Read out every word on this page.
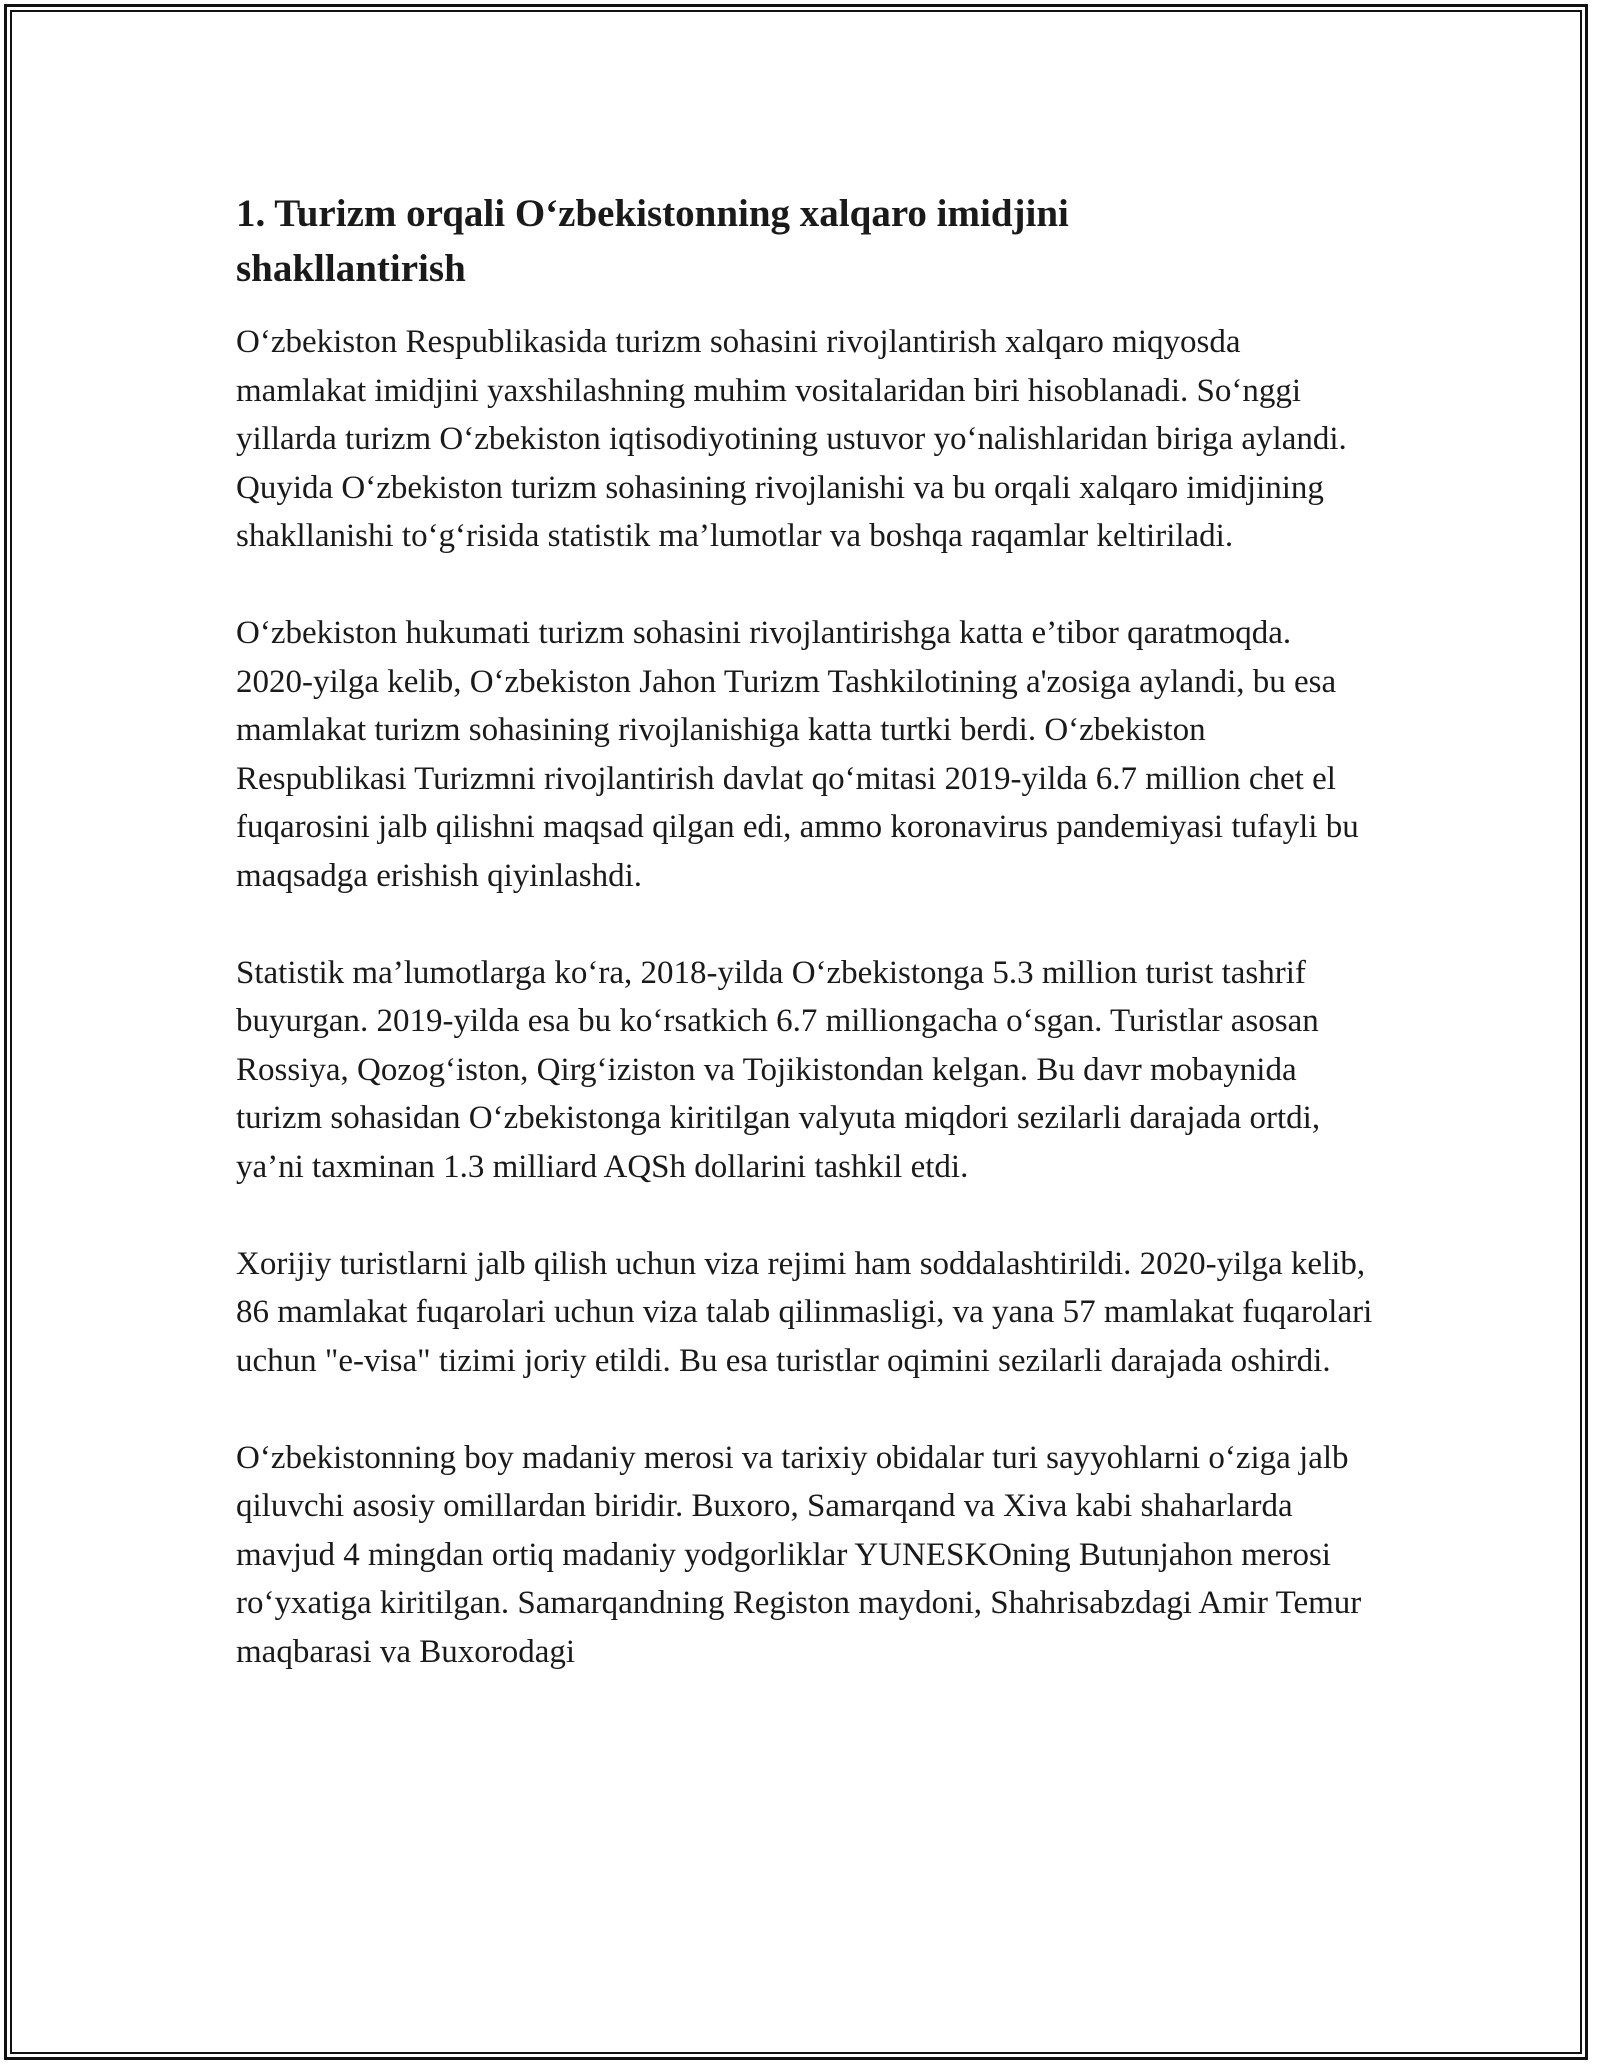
1. Turizm orqali O‘zbekistonning xalqaro imidjini shakllantirish

O‘zbekiston Respublikasida turizm sohasini rivojlantirish xalqaro miqyosda mamlakat imidjini yaxshilashning muhim vositalaridan biri hisoblanadi. So‘nggi yillarda turizm O‘zbekiston iqtisodiyotining ustuvor yo‘nalishlaridan biriga aylandi. Quyida O‘zbekiston turizm sohasining rivojlanishi va bu orqali xalqaro imidjining shakllanishi to‘g‘risida statistik ma’lumotlar va boshqa raqamlar keltiriladi.

O‘zbekiston hukumati turizm sohasini rivojlantirishga katta e’tibor qaratmoqda. 2020-yilga kelib, O‘zbekiston Jahon Turizm Tashkilotining a'zosiga aylandi, bu esa mamlakat turizm sohasining rivojlanishiga katta turtki berdi. O‘zbekiston Respublikasi Turizmni rivojlantirish davlat qo‘mitasi 2019-yilda 6.7 million chet el fuqarosini jalb qilishni maqsad qilgan edi, ammo koronavirus pandemiyasi tufayli bu maqsadga erishish qiyinlashdi.

Statistik ma’lumotlarga ko‘ra, 2018-yilda O‘zbekistonga 5.3 million turist tashrif buyurgan. 2019-yilda esa bu ko‘rsatkich 6.7 milliongacha o‘sgan. Turistlar asosan Rossiya, Qozog‘iston, Qirg‘iziston va Tojikistondan kelgan. Bu davr mobaynida turizm sohasidan O‘zbekistonga kiritilgan valyuta miqdori sezilarli darajada ortdi, ya’ni taxminan 1.3 milliard AQSh dollarini tashkil etdi.

Xorijiy turistlarni jalb qilish uchun viza rejimi ham soddalashtirildi. 2020-yilga kelib, 86 mamlakat fuqarolari uchun viza talab qilinmasligi, va yana 57 mamlakat fuqarolari uchun "e-visa" tizimi joriy etildi. Bu esa turistlar oqimini sezilarli darajada oshirdi.

O‘zbekistonning boy madaniy merosi va tarixiy obidalar turi sayyohlarni o‘ziga jalb qiluvchi asosiy omillardan biridir. Buxoro, Samarqand va Xiva kabi shaharlarda mavjud 4 mingdan ortiq madaniy yodgorliklar YUNESKOning Butunjahon merosi ro‘yxatiga kiritilgan. Samarqandning Registon maydoni, Shahrisabzdagi Amir Temur maqbarasi va Buxorodagi
